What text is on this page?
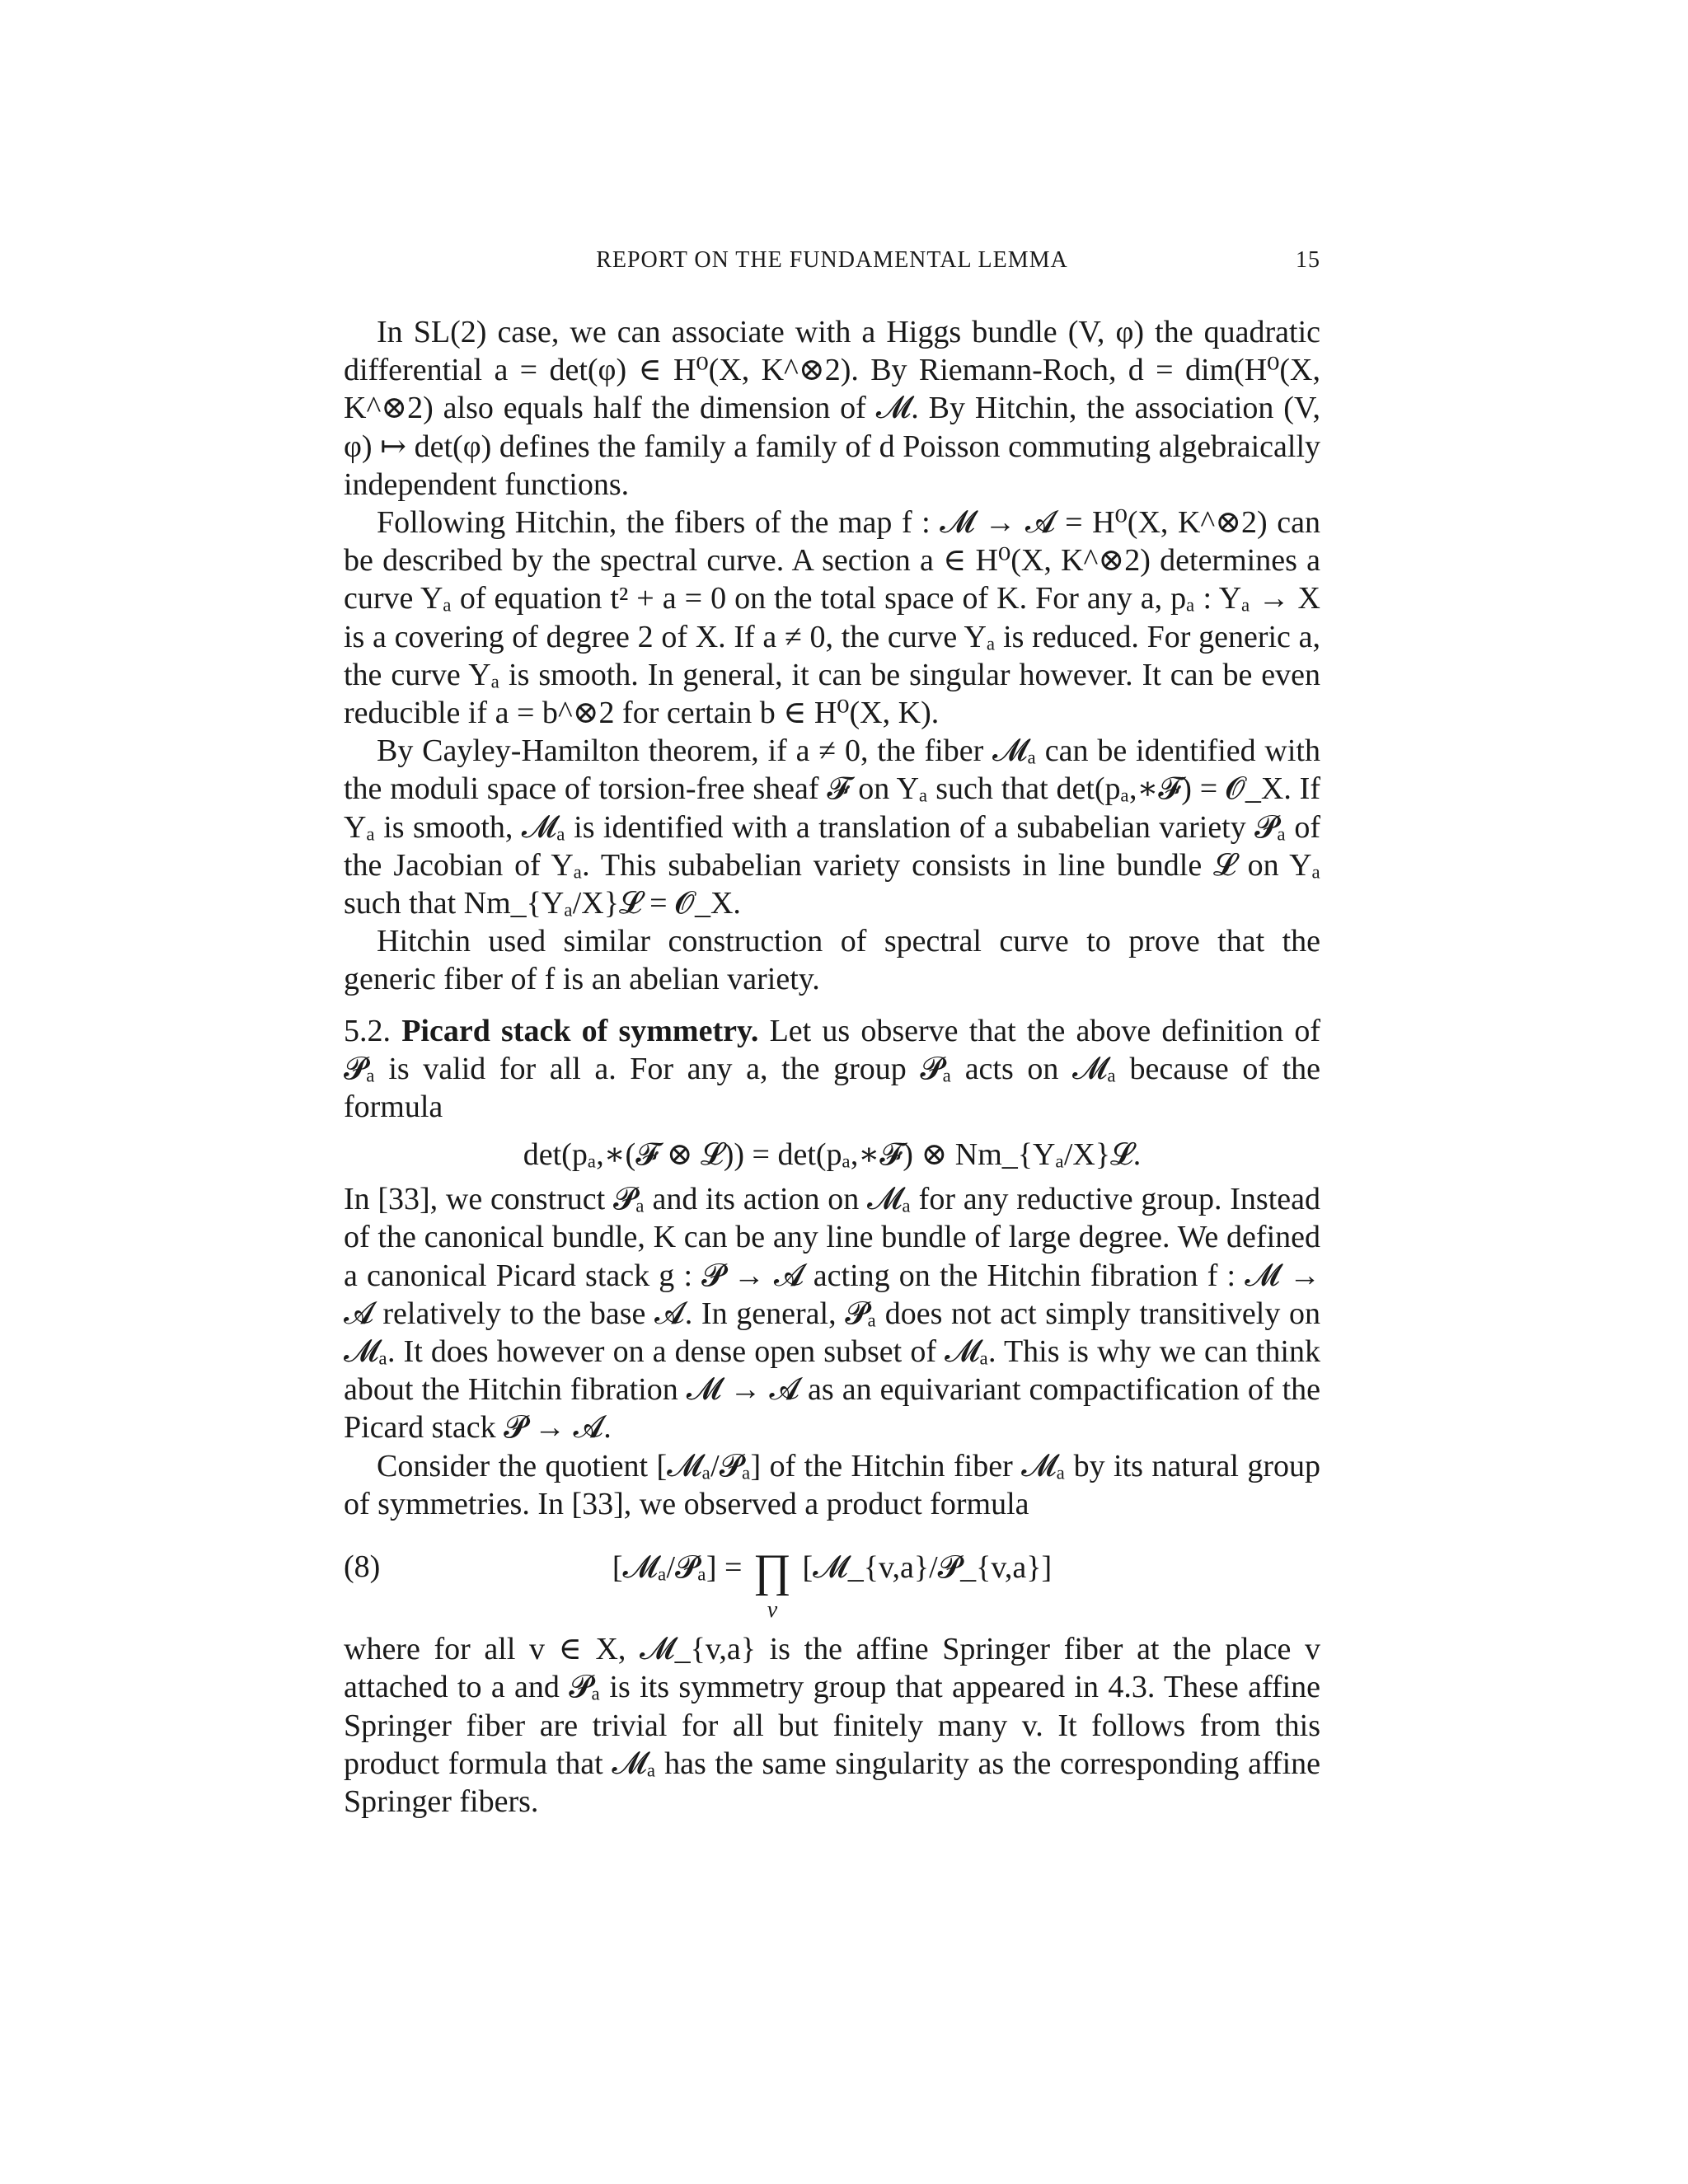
REPORT ON THE FUNDAMENTAL LEMMA	15

In SL(2) case, we can associate with a Higgs bundle (V, φ) the quadratic differential a = det(φ) ∈ H⁰(X, K^⊗2). By Riemann-Roch, d = dim(H⁰(X, K^⊗2) also equals half the dimension of 𝓜. By Hitchin, the association (V, φ) ↦ det(φ) defines the family a family of d Poisson commuting algebraically independent functions.

Following Hitchin, the fibers of the map f : 𝓜 → 𝓐 = H⁰(X, K^⊗2) can be described by the spectral curve. A section a ∈ H⁰(X, K^⊗2) determines a curve Yₐ of equation t² + a = 0 on the total space of K. For any a, pₐ : Yₐ → X is a covering of degree 2 of X. If a ≠ 0, the curve Yₐ is reduced. For generic a, the curve Yₐ is smooth. In general, it can be singular however. It can be even reducible if a = b^⊗2 for certain b ∈ H⁰(X, K).

By Cayley-Hamilton theorem, if a ≠ 0, the fiber 𝓜ₐ can be identified with the moduli space of torsion-free sheaf 𝓕 on Yₐ such that det(pₐ,∗𝓕) = 𝓞_X. If Yₐ is smooth, 𝓜ₐ is identified with a translation of a subabelian variety 𝓟ₐ of the Jacobian of Yₐ. This subabelian variety consists in line bundle 𝓛 on Yₐ such that Nm_{Yₐ/X}𝓛 = 𝓞_X.

Hitchin used similar construction of spectral curve to prove that the generic fiber of f is an abelian variety.

5.2. Picard stack of symmetry. Let us observe that the above definition of 𝓟ₐ is valid for all a. For any a, the group 𝓟ₐ acts on 𝓜ₐ because of the formula

det(pₐ,∗(𝓕 ⊗ 𝓛)) = det(pₐ,∗𝓕) ⊗ Nm_{Yₐ/X}𝓛.

In [33], we construct 𝓟ₐ and its action on 𝓜ₐ for any reductive group. Instead of the canonical bundle, K can be any line bundle of large degree. We defined a canonical Picard stack g : 𝓟 → 𝓐 acting on the Hitchin fibration f : 𝓜 → 𝓐 relatively to the base 𝓐. In general, 𝓟ₐ does not act simply transitively on 𝓜ₐ. It does however on a dense open subset of 𝓜ₐ. This is why we can think about the Hitchin fibration 𝓜 → 𝓐 as an equivariant compactification of the Picard stack 𝓟 → 𝓐.

Consider the quotient [𝓜ₐ/𝓟ₐ] of the Hitchin fiber 𝓜ₐ by its natural group of symmetries. In [33], we observed a product formula

(8)	[𝓜ₐ/𝓟ₐ] = ∏
v
[𝓜_{v,a}/𝓟_{v,a}]

where for all v ∈ X, 𝓜_{v,a} is the affine Springer fiber at the place v attached to a and 𝓟ₐ is its symmetry group that appeared in 4.3. These affine Springer fiber are trivial for all but finitely many v. It follows from this product formula that 𝓜ₐ has the same singularity as the corresponding affine Springer fibers.
